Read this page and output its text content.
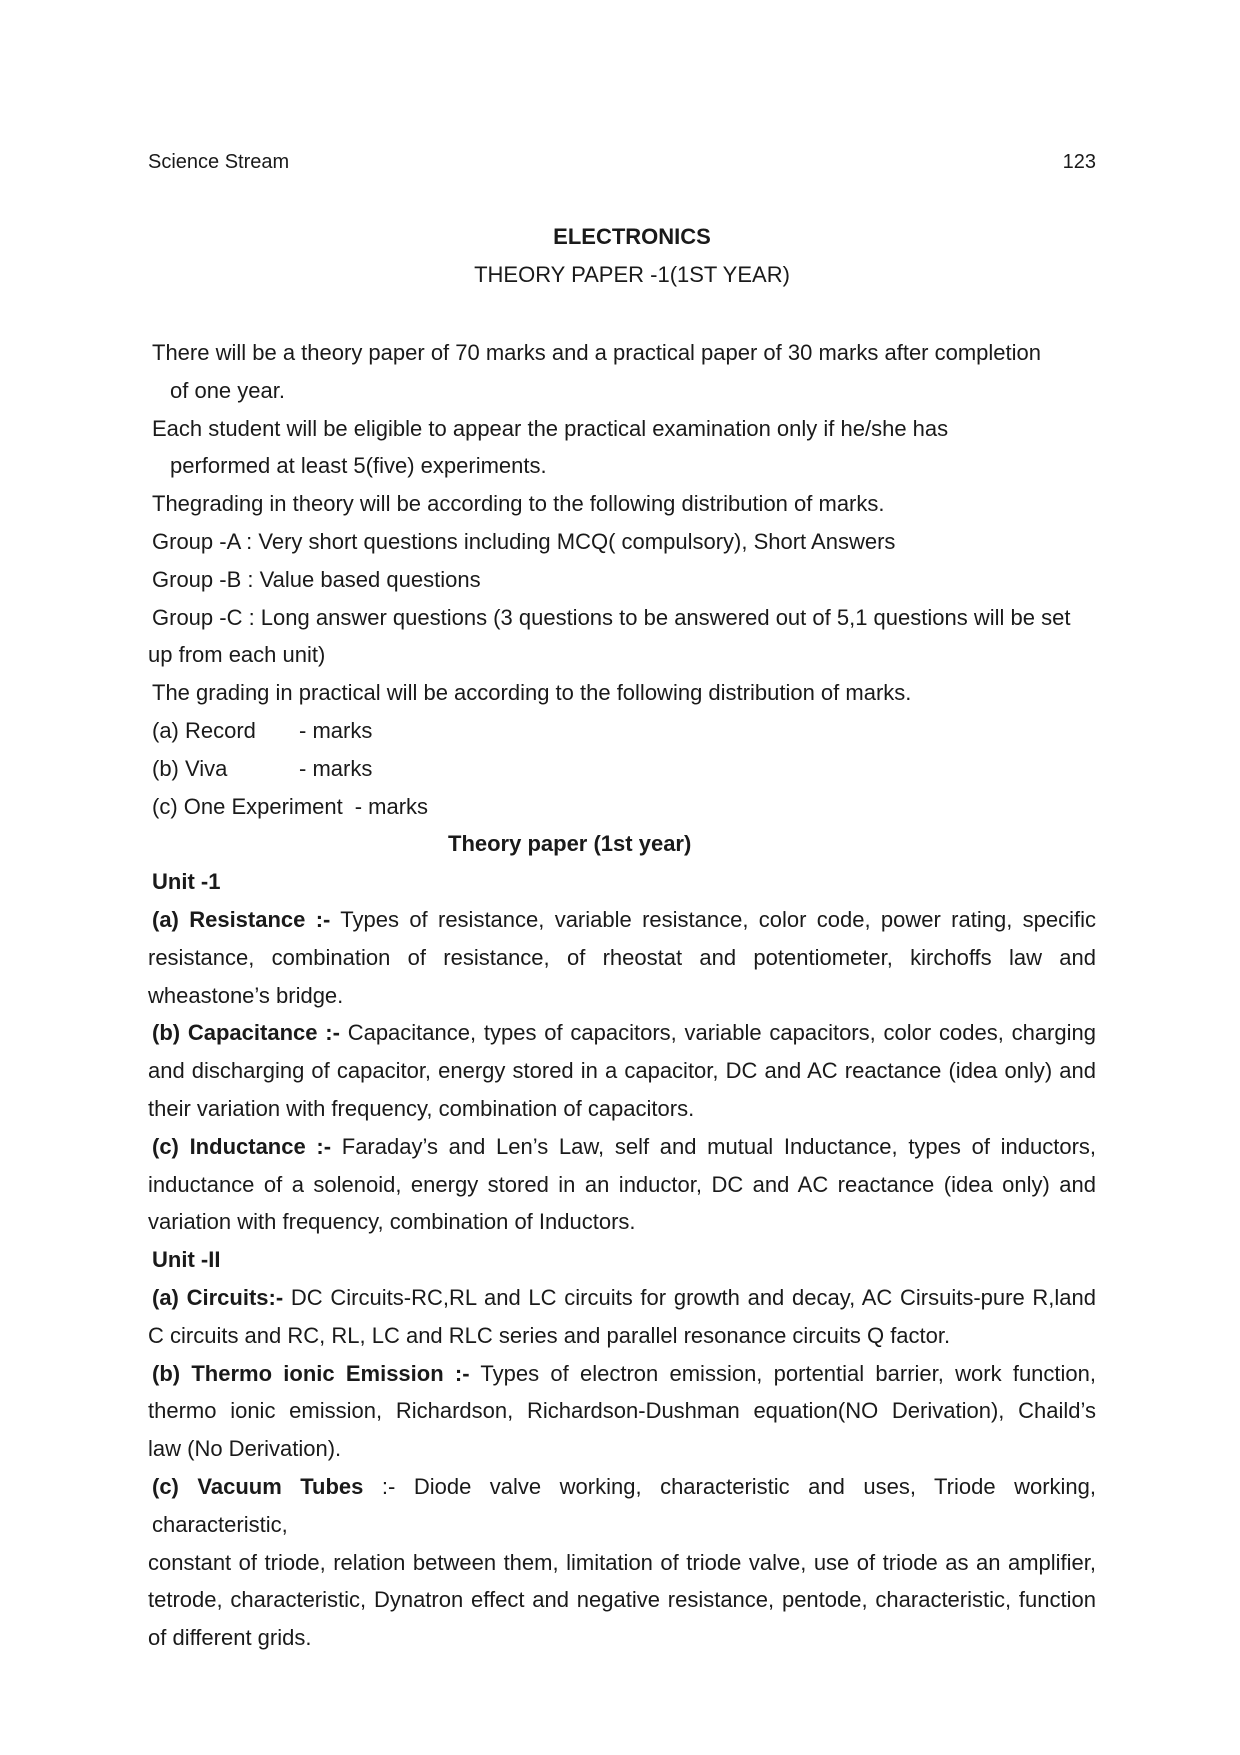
Science Stream	123
ELECTRONICS
THEORY PAPER -1(1ST YEAR)
There will be a theory paper of 70 marks and a practical paper of 30 marks after completion
of one year.
Each student will be eligible to appear the practical examination only if he/she has
performed at least 5(five) experiments.
Thegrading in theory will be according to the following distribution of marks.
Group -A : Very short questions including MCQ( compulsory), Short Answers
Group -B : Value based questions
Group -C : Long answer questions (3 questions to be answered out of 5,1 questions will be set
up from each unit)
The grading in practical will be according to the following distribution of marks.
(a) Record - marks
(b) Viva	- marks
(c) One Experiment - marks
Theory paper (1st year)
Unit -1
(a) Resistance :- Types of resistance, variable resistance, color code, power rating, specific
resistance, combination of resistance, of rheostat and potentiometer, kirchoffs law and
wheastone’s bridge.
(b) Capacitance :- Capacitance, types of capacitors, variable capacitors, color codes, charging
and discharging of capacitor, energy stored in a capacitor, DC and AC reactance (idea only) and
their variation with frequency, combination of capacitors.
(c) Inductance :- Faraday’s and Len’s Law, self and mutual Inductance, types of inductors,
inductance of a solenoid, energy stored in an inductor, DC and AC reactance (idea only) and
variation with frequency, combination of Inductors.
Unit -II
(a) Circuits:- DC Circuits-RC,RL and LC circuits for growth and decay, AC Cirsuits-pure R,land
C circuits and RC, RL, LC and RLC series and parallel resonance circuits Q factor.
(b) Thermo ionic Emission :- Types of electron emission, portential barrier, work function,
thermo ionic emission, Richardson, Richardson-Dushman equation(NO Derivation), Chaild’s
law (No Derivation).
(c) Vacuum Tubes :- Diode valve working, characteristic and uses, Triode working, characteristic,
constant of triode, relation between them, limitation of triode valve, use of triode as an amplifier,
tetrode, characteristic, Dynatron effect and negative resistance, pentode, characteristic, function
of different grids.
